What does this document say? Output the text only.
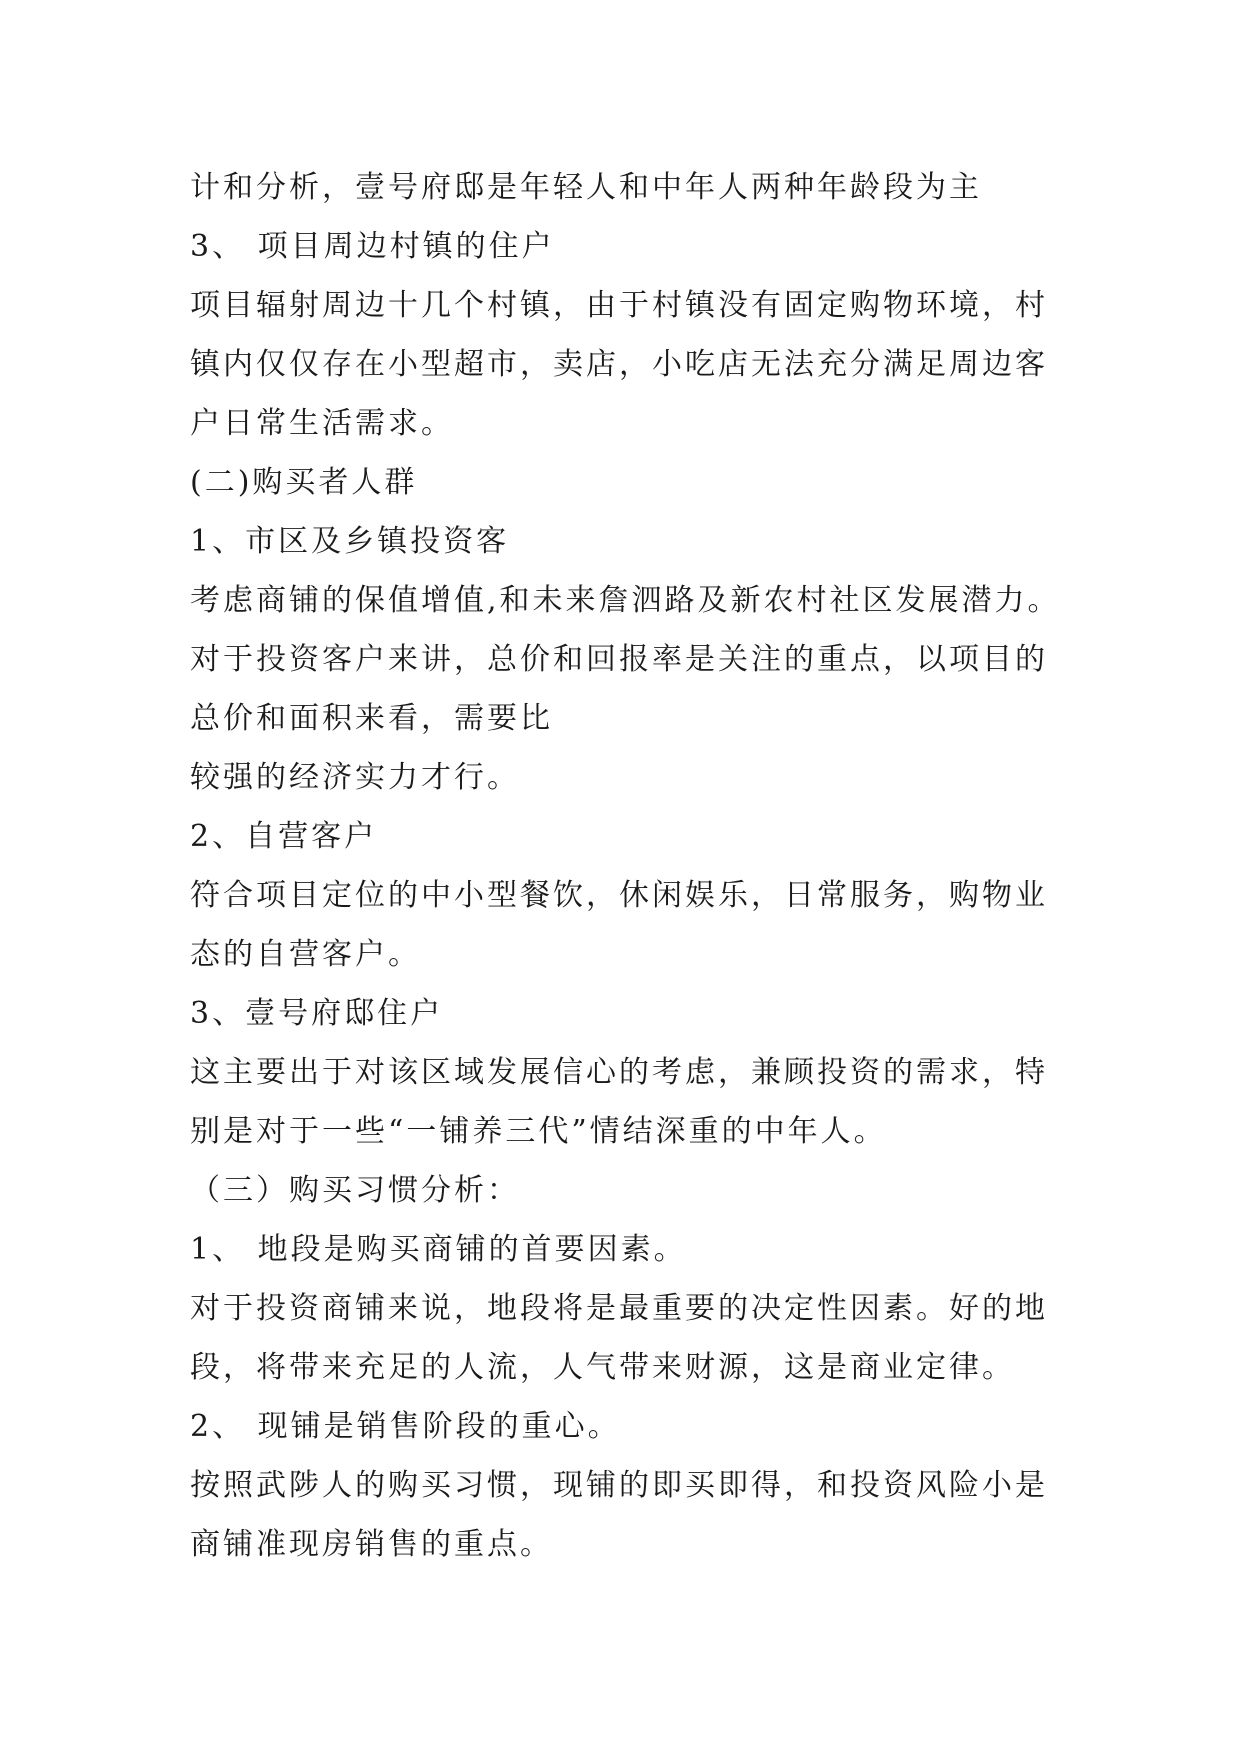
计和分析，壹号府邸是年轻人和中年人两种年龄段为主
3、 项目周边村镇的住户
项目辐射周边十几个村镇，由于村镇没有固定购物环境，村
镇内仅仅存在小型超市，卖店，小吃店无法充分满足周边客
户日常生活需求。
(二)购买者人群
1、市区及乡镇投资客
考虑商铺的保值增值,和未来詹泗路及新农村社区发展潜力。
对于投资客户来讲，总价和回报率是关注的重点，以项目的
总价和面积来看，需要比
较强的经济实力才行。
2、自营客户
符合项目定位的中小型餐饮，休闲娱乐，日常服务，购物业
态的自营客户。
3、壹号府邸住户
这主要出于对该区域发展信心的考虑，兼顾投资的需求，特
别是对于一些“一铺养三代”情结深重的中年人。
（三）购买习惯分析：
1、 地段是购买商铺的首要因素。
对于投资商铺来说，地段将是最重要的决定性因素。好的地
段，将带来充足的人流，人气带来财源，这是商业定律。
2、 现铺是销售阶段的重心。
按照武陟人的购买习惯，现铺的即买即得，和投资风险小是
商铺准现房销售的重点。
